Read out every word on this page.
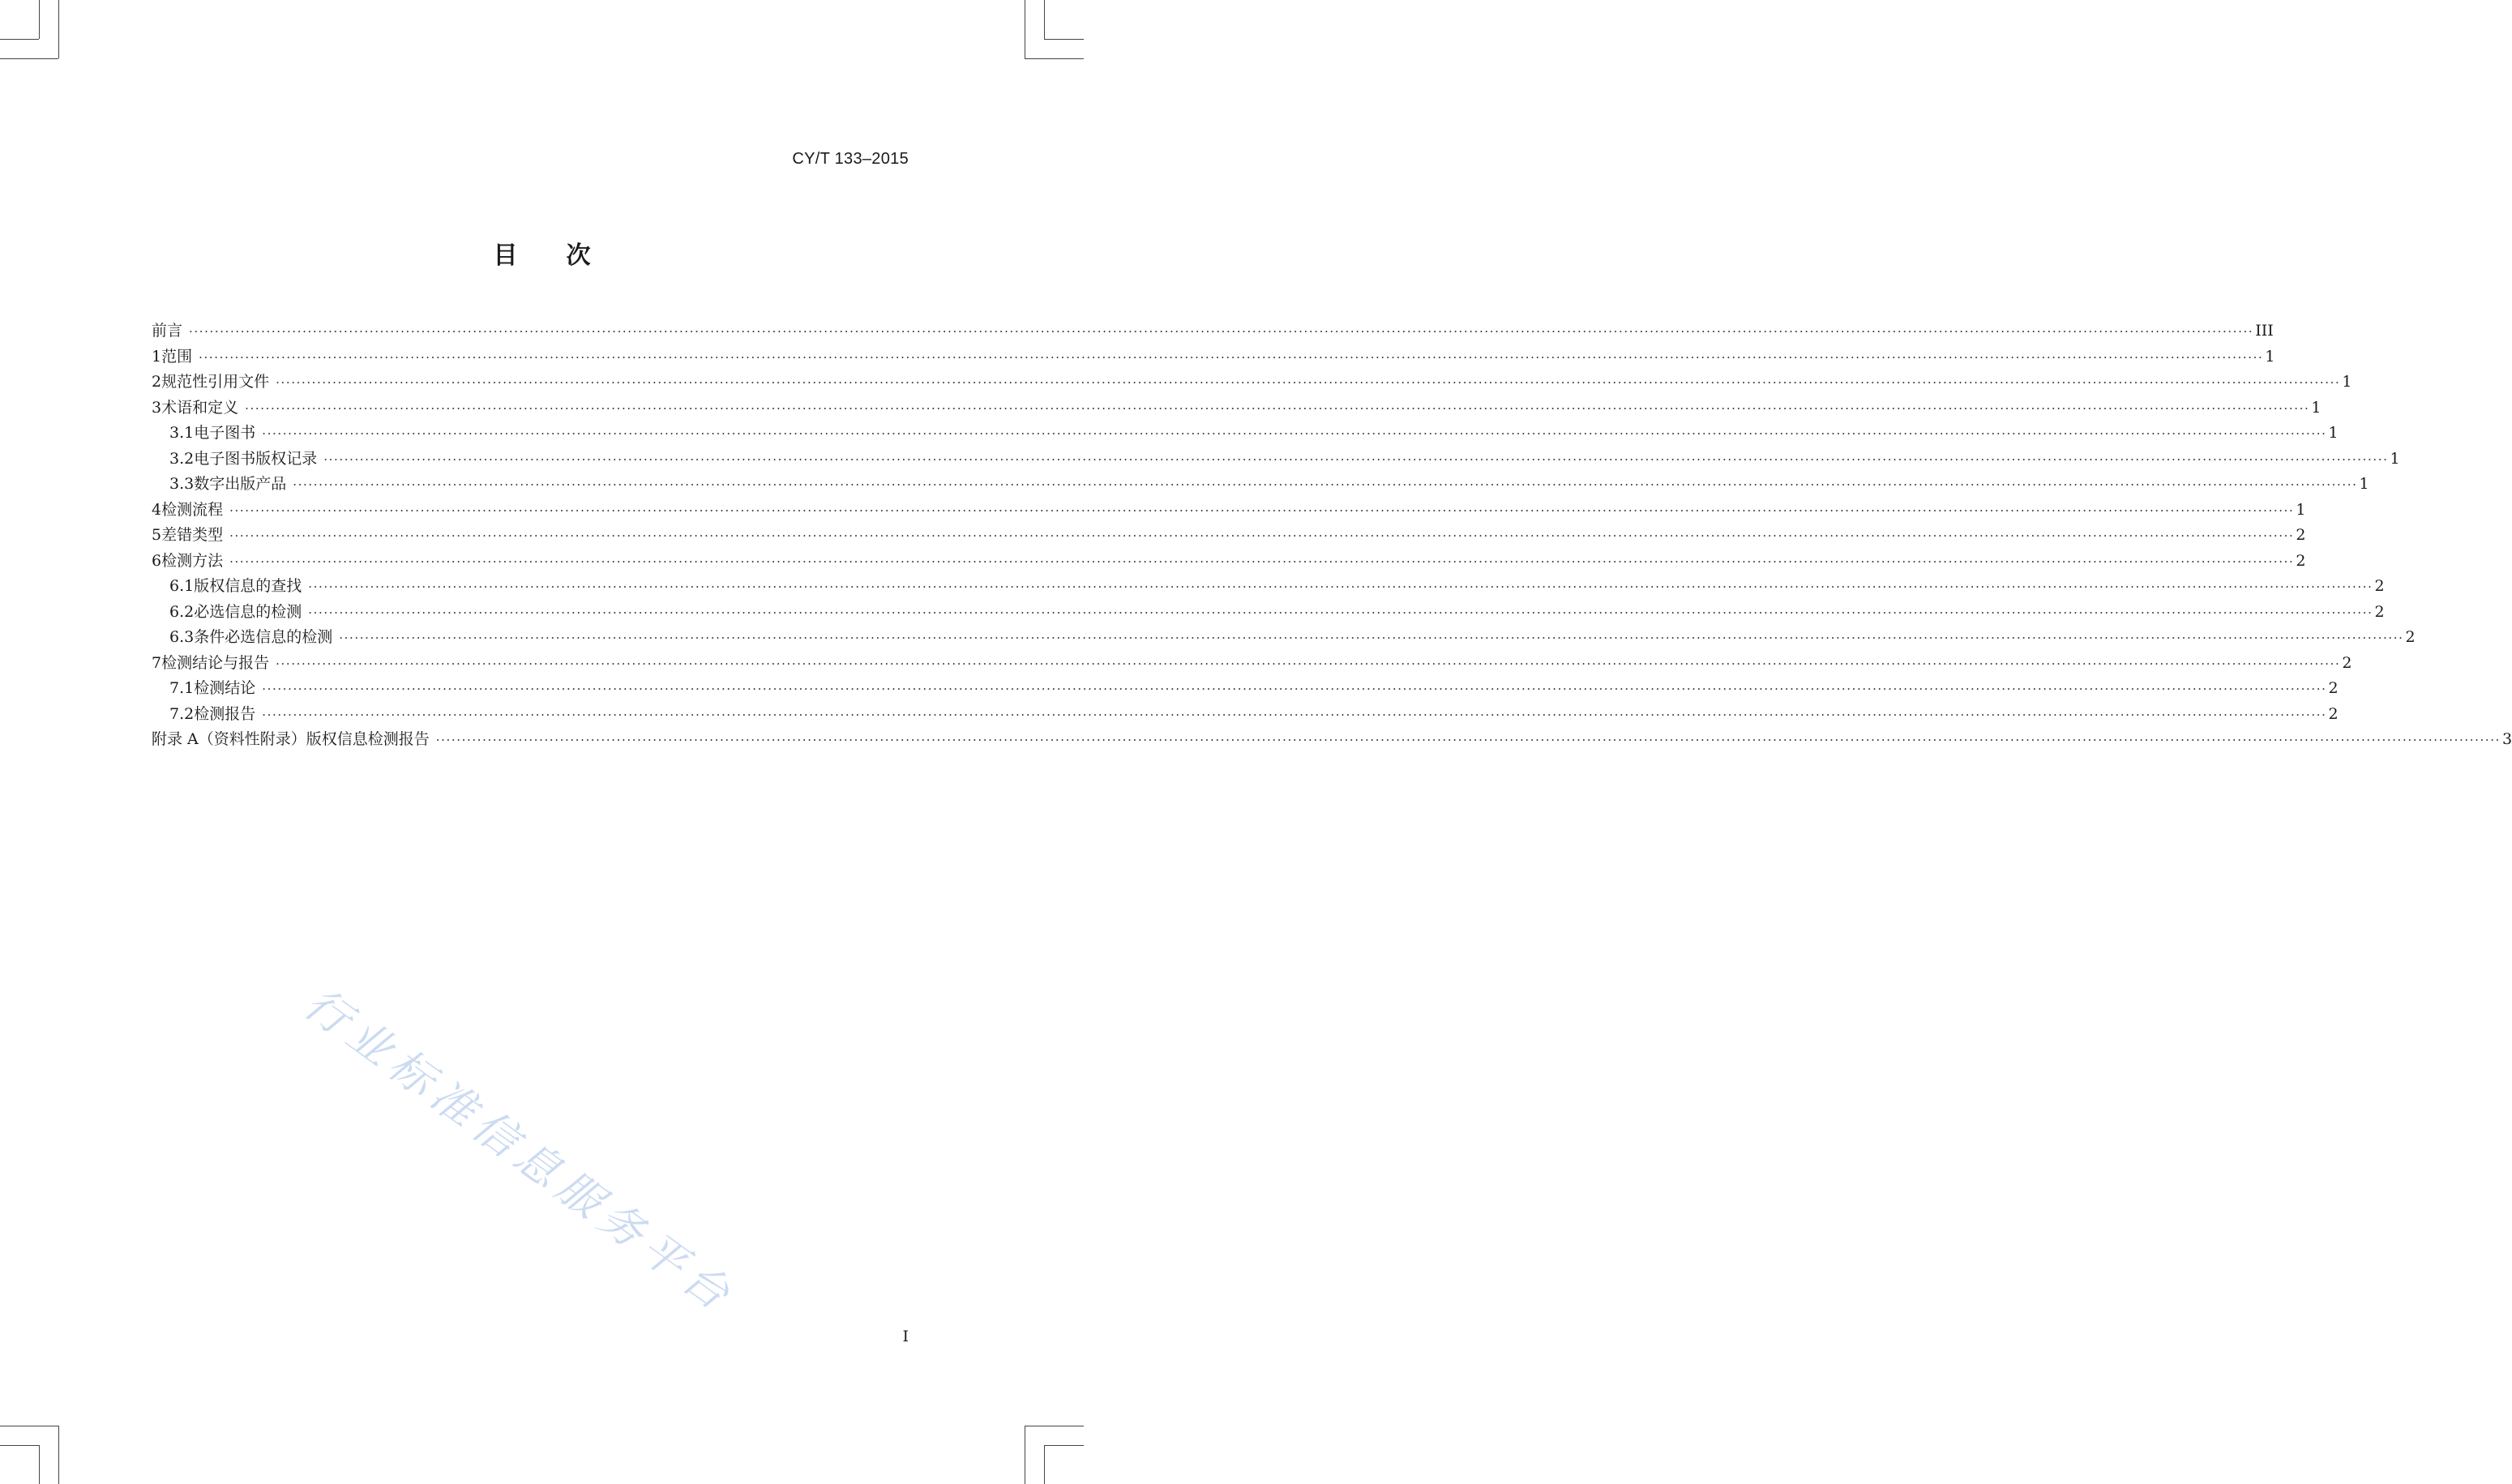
CY/T 133–2015
目 次
前言 ················································································································································································································································································································································································································ III
1 范围 ················································································································································································································································································································································································································ 1
2 规范性引用文件 ················································································································································································································································································································································································································ 1
3 术语和定义 ················································································································································································································································································································································································································ 1
3.1 电子图书 ················································································································································································································································································································································································································ 1
3.2 电子图书版权记录 ················································································································································································································································································································································································································ 1
3.3 数字出版产品 ················································································································································································································································································································································································································ 1
4 检测流程 ················································································································································································································································································································································································································ 1
5 差错类型 ················································································································································································································································································································································································································ 2
6 检测方法 ················································································································································································································································································································································································································ 2
6.1 版权信息的查找 ················································································································································································································································································································································································································ 2
6.2 必选信息的检测 ················································································································································································································································································································································································································ 2
6.3 条件必选信息的检测 ················································································································································································································································································································································································································ 2
7 检测结论与报告 ················································································································································································································································································································································································································ 2
7.1 检测结论 ················································································································································································································································································································································································································ 2
7.2 检测报告 ················································································································································································································································································································································································································ 2
附录 A（资料性附录）版权信息检测报告 ················································································································································································································································································································································································································ 3
I
行业标准信息服务平台
